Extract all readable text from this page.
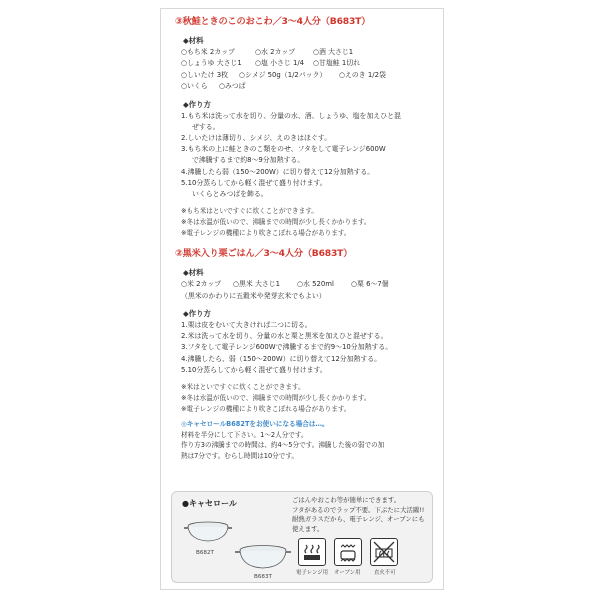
③秋鮭ときのこのおこわ／3～4人分（B683T）
◆材料
○もち米 2カップ	○水 2カップ	○酒 大さじ1
○しょうゆ 大さじ1 ○塩 小さじ 1/4 ○甘塩鮭 1切れ
○しいたけ 3枚 ○シメジ 50g（1/2パック） ○えのき 1/2袋
○いくら ○みつば
◆作り方
1.もち米は洗って水を切り、分量の水、酒、しょうゆ、塩を加えひと混
ぜする。
2.しいたけは薄切り、シメジ、えのきはほぐす。
3.もち米の上に鮭ときのこ類をのせ、フタをして電子レンジ600W
で沸騰するまで約8～9分加熱する。
4.沸騰したら弱（150～200W）に切り替えて12分加熱する。
5.10分蒸らしてから軽く混ぜて盛り付けます。
いくらとみつばを飾る。
※もち米はといですぐに炊くことができます。
※冬は水温が低いので、沸騰までの時間が少し長くかかります。
※電子レンジの機種により吹きこぼれる場合があります。
②黒米入り栗ごはん／3～4人分（B683T）
◆材料
○米 2カップ ○黒米 大さじ1 ○水 520ml ○栗 6～7個
（黒米のかわりに五穀米や発芽玄米でもよい）
◆作り方
1.栗は皮をむいて大きければ二つに切る。
2.米は洗って水を切り、分量の水と栗と黒米を加えひと混ぜする。
3.フタをして電子レンジ600Wで沸騰するまで約9～10分加熱する。
4.沸騰したら、弱（150～200W）に切り替えて12分加熱する。
5.10分蒸らしてから軽く混ぜて盛り付けます。
※米はといですぐに炊くことができます。
※冬は水温が低いので、沸騰までの時間が少し長くかかります。
※電子レンジの機種により吹きこぼれる場合があります。
◎キャセロールB682Tをお使いになる場合は…。
材料を半分にして下さい。1～2人分です。
作り方3の沸騰までの時間は、約4～5分です。沸騰した後の弱での加
熱は7分です。むらし時間は10分です。
●キャセロール	ごはんやおこわ等が簡単にできます。
フタがあるのでラップ不要。下ぶたに大活躍!!
耐熱ガラスだから、電子レンジ、オーブンにも
使えます。
B682T
B683T
電子レンジ用 オーブン用	直火不可
